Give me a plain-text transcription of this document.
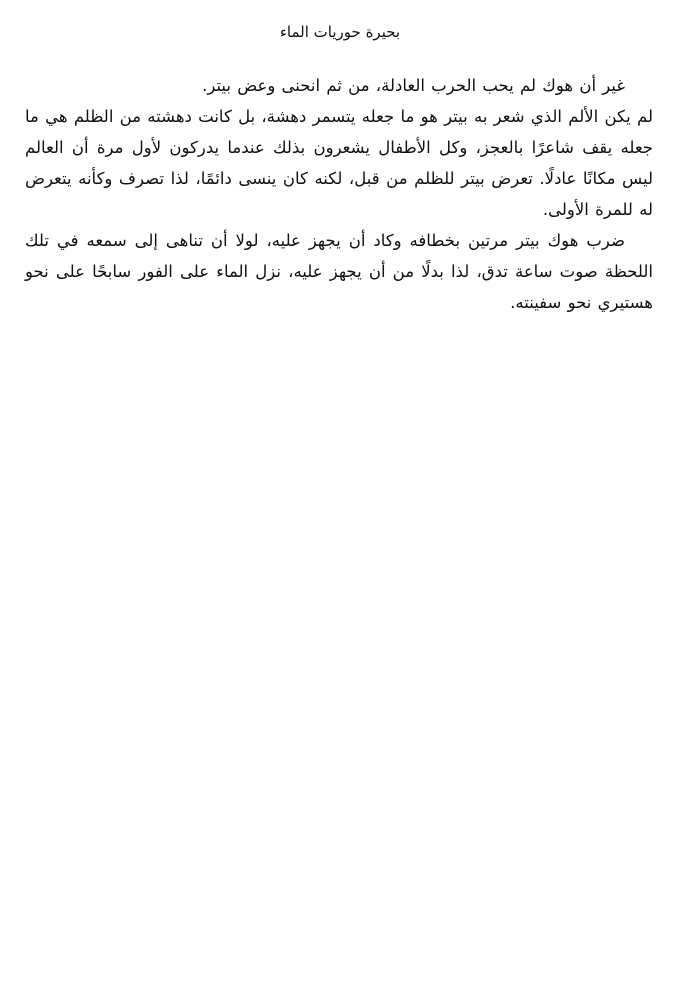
بحيرة حوريات الماء

غير أن هوك لم يحب الحرب العادلة، من ثم انحنى وعض بيتر.

لم يكن الألم الذي شعر به بيتر هو ما جعله يتسمر دهشة، بل كانت دهشته من الظلم هي ما جعله يقف شاعرًا بالعجز، وكل الأطفال يشعرون بذلك عندما يدركون لأول مرة أن العالم ليس مكانًا عادلًا. تعرض بيتر للظلم من قبل، لكنه كان ينسى دائمًا، لذا تصرف وكأنه يتعرض له للمرة الأولى.

ضرب هوك بيتر مرتين بخطافه وكاد أن يجهز عليه، لولا أن تناهى إلى سمعه في تلك اللحظة صوت ساعة تدق، لذا بدلًا من أن يجهز عليه، نزل الماء على الفور سابحًا على نحو هستيري نحو سفينته.
